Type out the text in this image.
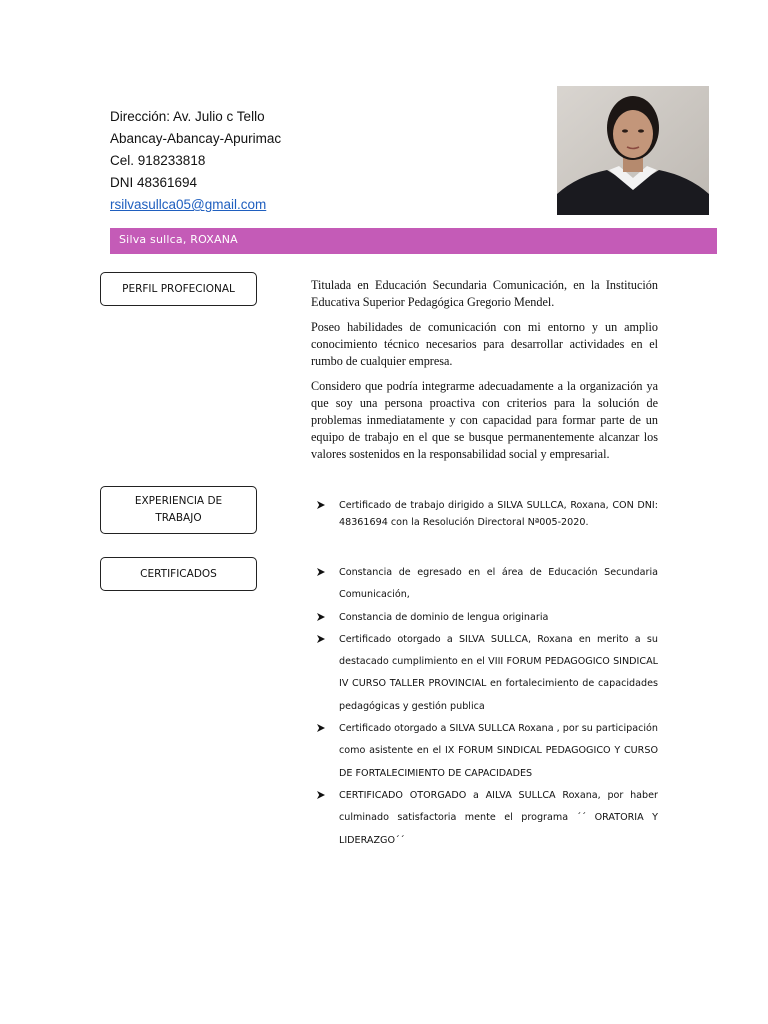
Dirección: Av. Julio c Tello
Abancay-Abancay-Apurimac
Cel. 918233818
DNI 48361694
rsilvasullca05@gmail.com
Silva sullca, ROXANA
PERFIL PROFECIONAL	Titulada en Educación Secundaria Comunicación, en la Institución Educativa Superior Pedagógica Gregorio Mendel.

Poseo habilidades de comunicación con mi entorno y un amplio conocimiento técnico necesarios para desarrollar actividades en el rumbo de cualquier empresa.

Considero que podría integrarme adecuadamente a la organización ya que soy una persona proactiva con criterios para la solución de problemas inmediatamente y con capacidad para formar parte de un equipo de trabajo en el que se busque permanentemente alcanzar los valores sostenidos en la responsabilidad social y empresarial.

EXPERIENCIA DE TRABAJO
Certificado de trabajo dirigido a SILVA SULLCA, Roxana, CON DNI: 48361694 con la Resolución Directoral Nª005-2020.
CERTIFICADOS	Constancia de egresado en el área de Educación Secundaria Comunicación,
Constancia de dominio de lengua originaria
Certificado otorgado a SILVA SULLCA, Roxana en merito a su destacado cumplimiento en el VIII FORUM PEDAGOGICO SINDICAL IV CURSO TALLER PROVINCIAL en fortalecimiento de capacidades pedagógicas y gestión publica
Certificado otorgado a SILVA SULLCA Roxana , por su participación como asistente en el IX FORUM SINDICAL PEDAGOGICO Y CURSO DE FORTALECIMIENTO DE CAPACIDADES
CERTIFICADO OTORGADO a AILVA SULLCA Roxana, por haber culminado satisfactoria mente el programa ´´ ORATORIA Y LIDERAZGO´´
